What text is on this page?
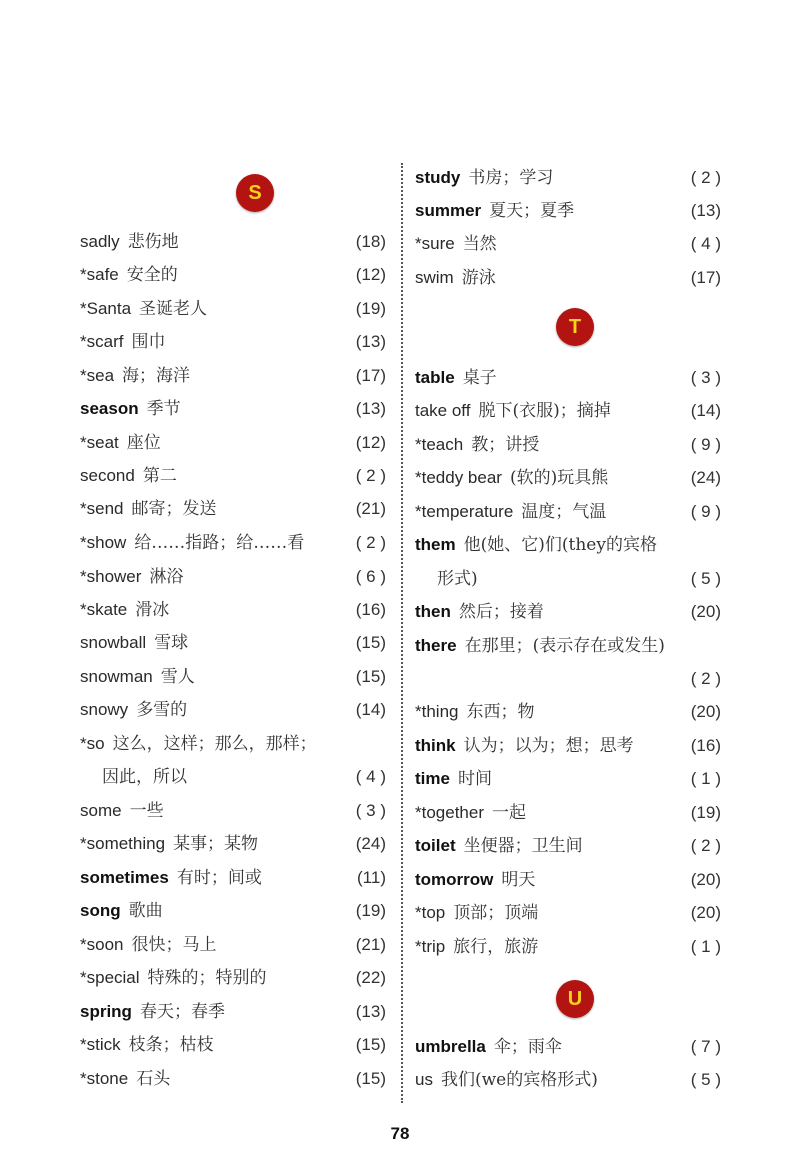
S
sadly 悲伤地	(18)
*safe 安全的	(12)
*Santa 圣诞老人	(19)
*scarf 围巾	(13)
*sea 海；海洋	(17)
season 季节	(13)
*seat 座位	(12)
second 第二	( 2 )
*send 邮寄；发送	(21)
*show 给……指路；给……看	( 2 )
*shower 淋浴	( 6 )
*skate 滑冰	(16)
snowball 雪球	(15)
snowman 雪人	(15)
snowy 多雪的	(14)
*so 这么，这样；那么，那样；
因此，所以	( 4 )
some 一些	( 3 )
*something 某事；某物	(24)
sometimes 有时；间或	(11)
song 歌曲	(19)
*soon 很快；马上	(21)
*special 特殊的；特别的	(22)
spring 春天；春季	(13)
*stick 枝条；枯枝	(15)
*stone 石头	(15)
T
U
study 书房；学习	( 2 )
summer 夏天；夏季	(13)
*sure 当然	( 4 )
swim 游泳	(17)
table 桌子	( 3 )
take off 脱下(衣服)；摘掉	(14)
*teach 教；讲授	( 9 )
*teddy bear (软的)玩具熊	(24)
*temperature 温度；气温	( 9 )
them 他(她、它)们(they的宾格
形式)	( 5 )
then 然后；接着	(20)
there 在那里；(表示存在或发生)
( 2 )
*thing 东西；物	(20)
think 认为；以为；想；思考	(16)
time 时间	( 1 )
*together 一起	(19)
toilet 坐便器；卫生间	( 2 )
tomorrow 明天	(20)
*top 顶部；顶端	(20)
*trip 旅行，旅游	( 1 )
umbrella 伞；雨伞	( 7 )
us 我们(we的宾格形式)	( 5 )
78
